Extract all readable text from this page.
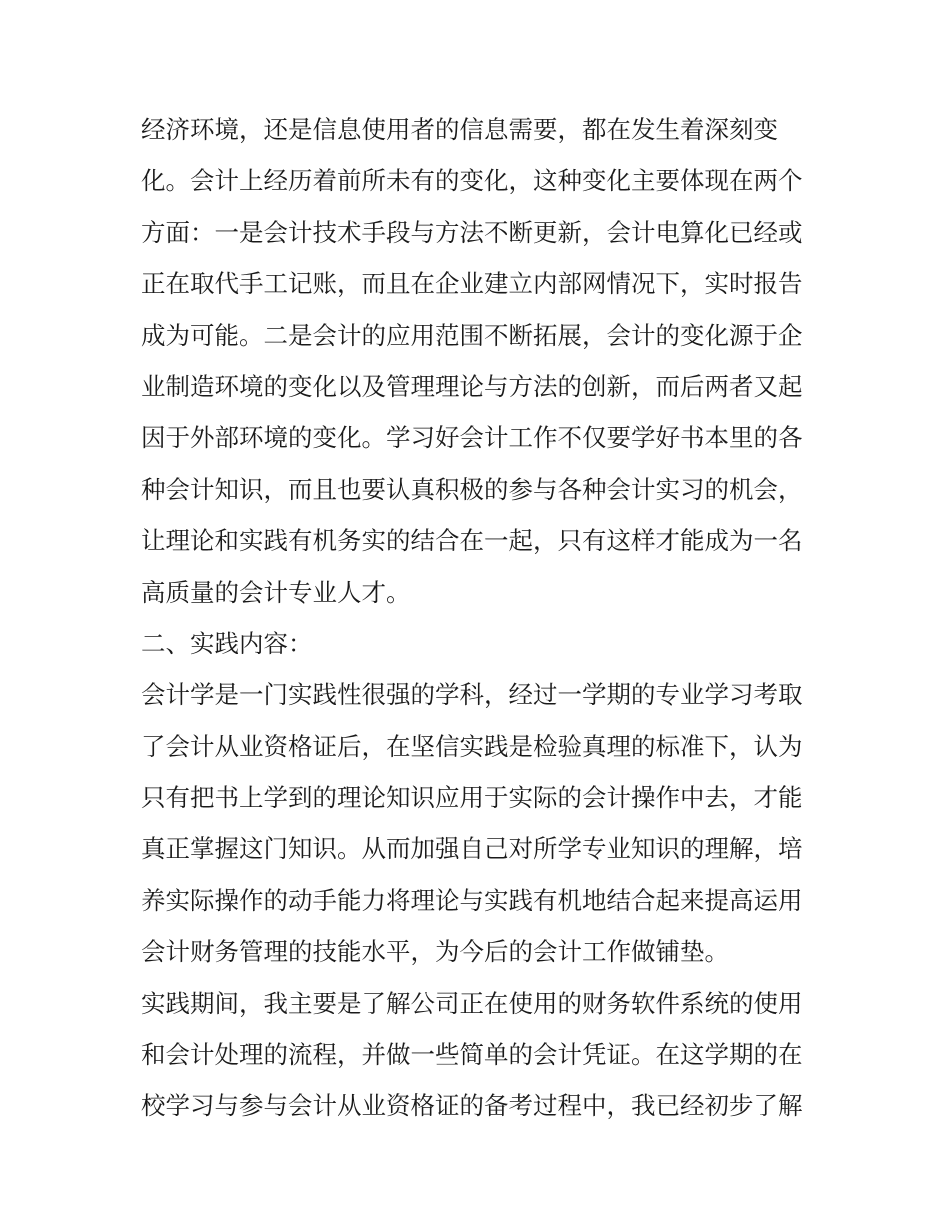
经济环境，还是信息使用者的信息需要，都在发生着深刻变
化。会计上经历着前所未有的变化，这种变化主要体现在两个
方面：一是会计技术手段与方法不断更新，会计电算化已经或
正在取代手工记账，而且在企业建立内部网情况下，实时报告
成为可能。二是会计的应用范围不断拓展，会计的变化源于企
业制造环境的变化以及管理理论与方法的创新，而后两者又起
因于外部环境的变化。学习好会计工作不仅要学好书本里的各
种会计知识，而且也要认真积极的参与各种会计实习的机会，
让理论和实践有机务实的结合在一起，只有这样才能成为一名
高质量的会计专业人才。
二、实践内容：
会计学是一门实践性很强的学科，经过一学期的专业学习考取
了会计从业资格证后，在坚信实践是检验真理的标准下，认为
只有把书上学到的理论知识应用于实际的会计操作中去，才能
真正掌握这门知识。从而加强自己对所学专业知识的理解，培
养实际操作的动手能力将理论与实践有机地结合起来提高运用
会计财务管理的技能水平，为今后的会计工作做铺垫。
实践期间，我主要是了解公司正在使用的财务软件系统的使用
和会计处理的流程，并做一些简单的会计凭证。在这学期的在
校学习与参与会计从业资格证的备考过程中，我已经初步了解
